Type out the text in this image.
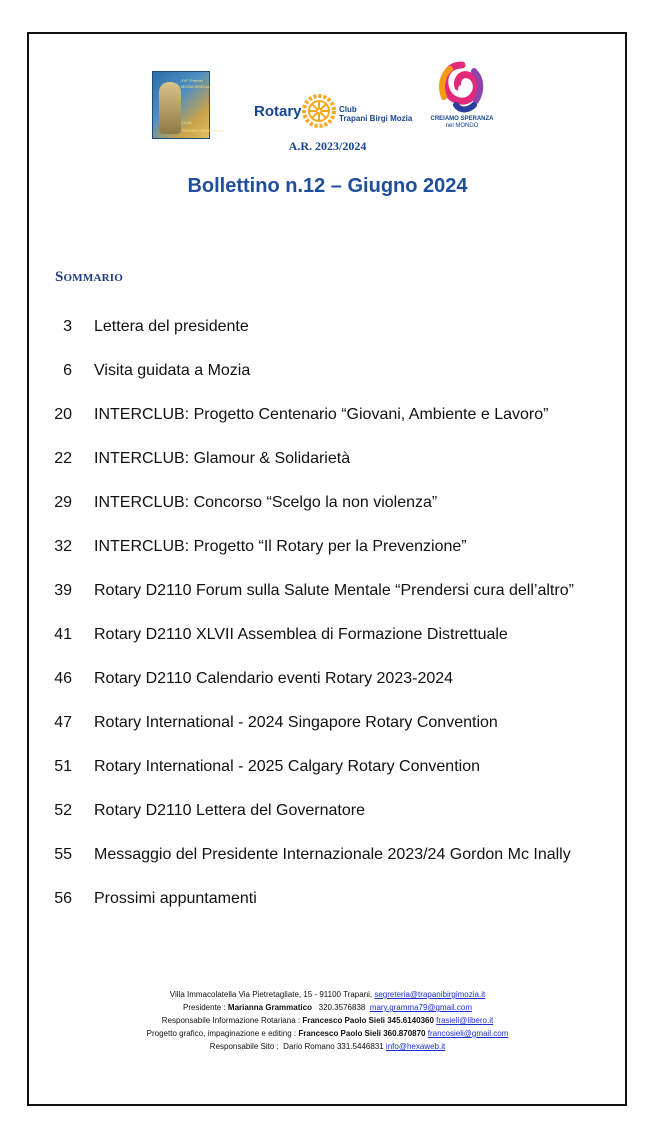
XVI° Premio
MOZIA SIKELIA
CLUB
TRAPANI BIRGI MOZIA
Rotary	Club
Trapani Birgi Mozia	CREIAMO SPERANZA
nel MONDO
A.R. 2023/2024
Bollettino n.12 – Giugno 2024
Sommario
3 Lettera del presidente
6 Visita guidata a Mozia
20 INTERCLUB: Progetto Centenario “Giovani, Ambiente e Lavoro”
22 INTERCLUB: Glamour & Solidarietà
29 INTERCLUB: Concorso “Scelgo la non violenza”
32 INTERCLUB: Progetto “Il Rotary per la Prevenzione”
39 Rotary D2110 Forum sulla Salute Mentale “Prendersi cura dell’altro”
41 Rotary D2110 XLVII Assemblea di Formazione Distrettuale
46 Rotary D2110 Calendario eventi Rotary 2023-2024
47 Rotary International - 2024 Singapore Rotary Convention
51 Rotary International - 2025 Calgary Rotary Convention
52 Rotary D2110 Lettera del Governatore
55 Messaggio del Presidente Internazionale 2023/24 Gordon Mc Inally
56 Prossimi appuntamenti
Villa Immacolatella Via Pietretagliate, 15 - 91100 Trapani, segreteria@trapanibirgimozia.it
Presidente : Marianna Grammatico   320.3576838  mary.gramma79@gmail.com
Responsabile Informazione Rotariana : Francesco Paolo Sieli 345.6140360 frasieli@libero.it
Progetto grafico, impaginazione e editing : Francesco Paolo Sieli 360.870870 francosieli@gmail.com
Responsabile Sito :  Dario Romano 331.5446831 info@hexaweb.it
